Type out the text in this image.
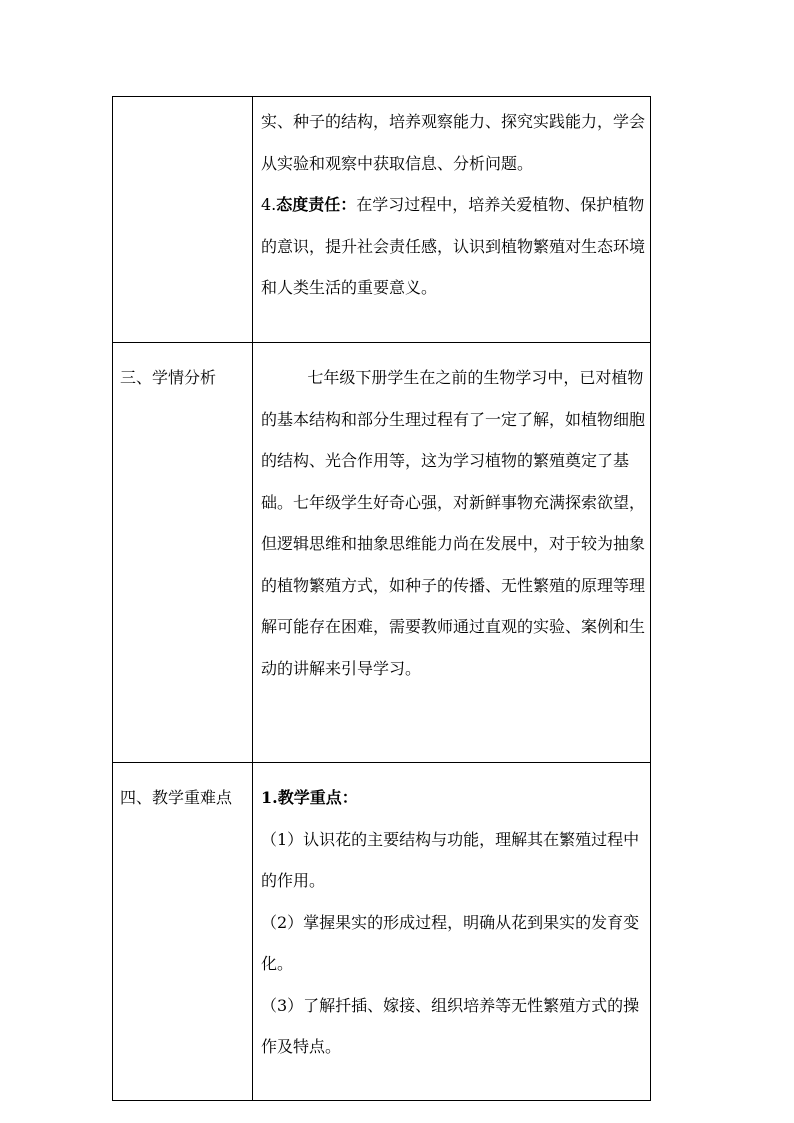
	实、种子的结构，培养观察能力、探究实践能力，学会从实验和观察中获取信息、分析问题。

4.态度责任：在学习过程中，培养关爱植物、保护植物的意识，提升社会责任感，认识到植物繁殖对生态环境和人类生活的重要意义。

三、学情分析	七年级下册学生在之前的生物学习中，已对植物的基本结构和部分生理过程有了一定了解，如植物细胞的结构、光合作用等，这为学习植物的繁殖奠定了基础。七年级学生好奇心强，对新鲜事物充满探索欲望，但逻辑思维和抽象思维能力尚在发展中，对于较为抽象的植物繁殖方式，如种子的传播、无性繁殖的原理等理解可能存在困难，需要教师通过直观的实验、案例和生动的讲解来引导学习。

四、教学重难点	1.教学重点：

（1）认识花的主要结构与功能，理解其在繁殖过程中的作用。

（2）掌握果实的形成过程，明确从花到果实的发育变化。

（3）了解扦插、嫁接、组织培养等无性繁殖方式的操作及特点。
